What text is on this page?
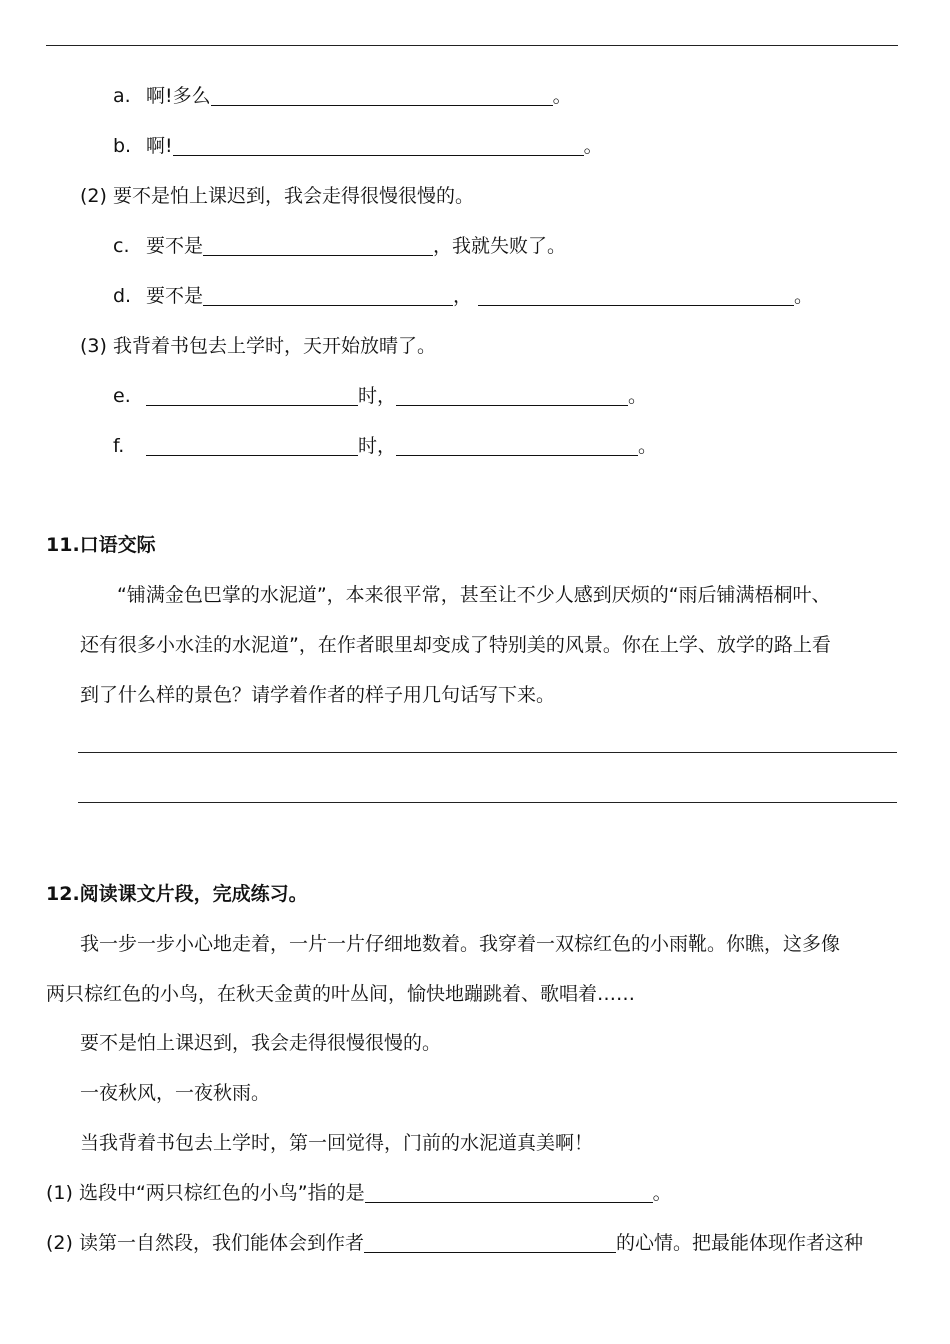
a. 啊!多么	。
b. 啊!	。
(2) 要不是怕上课迟到，我会走得很慢很慢的。
c. 要不是	，我就失败了。
d. 要不是	，	。
(3) 我背着书包去上学时，天开始放晴了。
e.	时，	。
f.	时，	。
11.口语交际
“铺满金色巴掌的水泥道”，本来很平常，甚至让不少人感到厌烦的“雨后铺满梧桐叶、
还有很多小水洼的水泥道”，在作者眼里却变成了特别美的风景。你在上学、放学的路上看
到了什么样的景色？请学着作者的样子用几句话写下来。
12.阅读课文片段，完成练习。
我一步一步小心地走着，一片一片仔细地数着。我穿着一双棕红色的小雨靴。你瞧，这多像
两只棕红色的小鸟，在秋天金黄的叶丛间，愉快地蹦跳着、歌唱着……
要不是怕上课迟到，我会走得很慢很慢的。
一夜秋风，一夜秋雨。
当我背着书包去上学时，第一回觉得，门前的水泥道真美啊！
(1) 选段中“两只棕红色的小鸟”指的是	。
(2) 读第一自然段，我们能体会到作者	的心情。把最能体现作者这种
